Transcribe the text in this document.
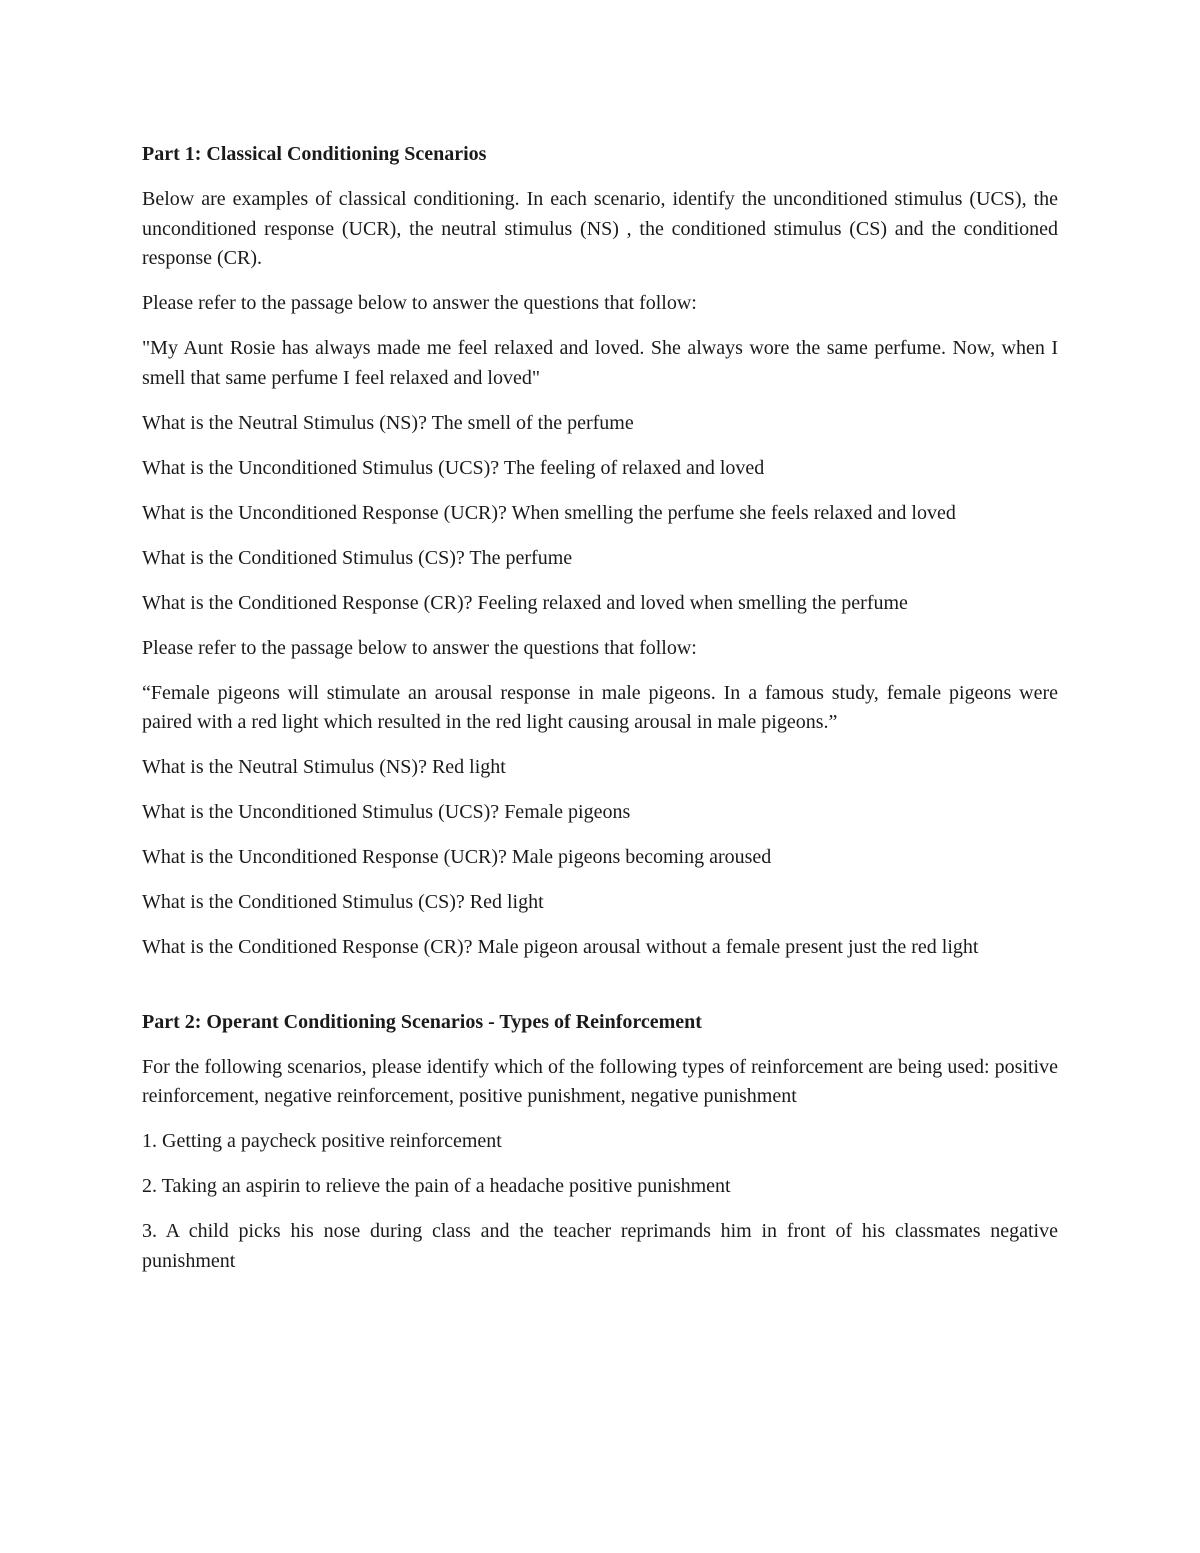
Part 1: Classical Conditioning Scenarios

Below are examples of classical conditioning. In each scenario, identify the unconditioned stimulus (UCS), the unconditioned response (UCR), the neutral stimulus (NS) , the conditioned stimulus (CS) and the conditioned response (CR).

Please refer to the passage below to answer the questions that follow:

"My Aunt Rosie has always made me feel relaxed and loved. She always wore the same perfume. Now, when I smell that same perfume I feel relaxed and loved"

What is the Neutral Stimulus (NS)? The smell of the perfume

What is the Unconditioned Stimulus (UCS)? The feeling of relaxed and loved

What is the Unconditioned Response (UCR)? When smelling the perfume she feels relaxed and loved

What is the Conditioned Stimulus (CS)? The perfume

What is the Conditioned Response (CR)? Feeling relaxed and loved when smelling the perfume

Please refer to the passage below to answer the questions that follow:

“Female pigeons will stimulate an arousal response in male pigeons. In a famous study, female pigeons were paired with a red light which resulted in the red light causing arousal in male pigeons.”

What is the Neutral Stimulus (NS)? Red light

What is the Unconditioned Stimulus (UCS)? Female pigeons

What is the Unconditioned Response (UCR)? Male pigeons becoming aroused

What is the Conditioned Stimulus (CS)? Red light

What is the Conditioned Response (CR)? Male pigeon arousal without a female present just the red light

Part 2: Operant Conditioning Scenarios - Types of Reinforcement

For the following scenarios, please identify which of the following types of reinforcement are being used: positive reinforcement, negative reinforcement, positive punishment, negative punishment

1. Getting a paycheck positive reinforcement

2. Taking an aspirin to relieve the pain of a headache positive punishment

3. A child picks his nose during class and the teacher reprimands him in front of his classmates negative punishment
